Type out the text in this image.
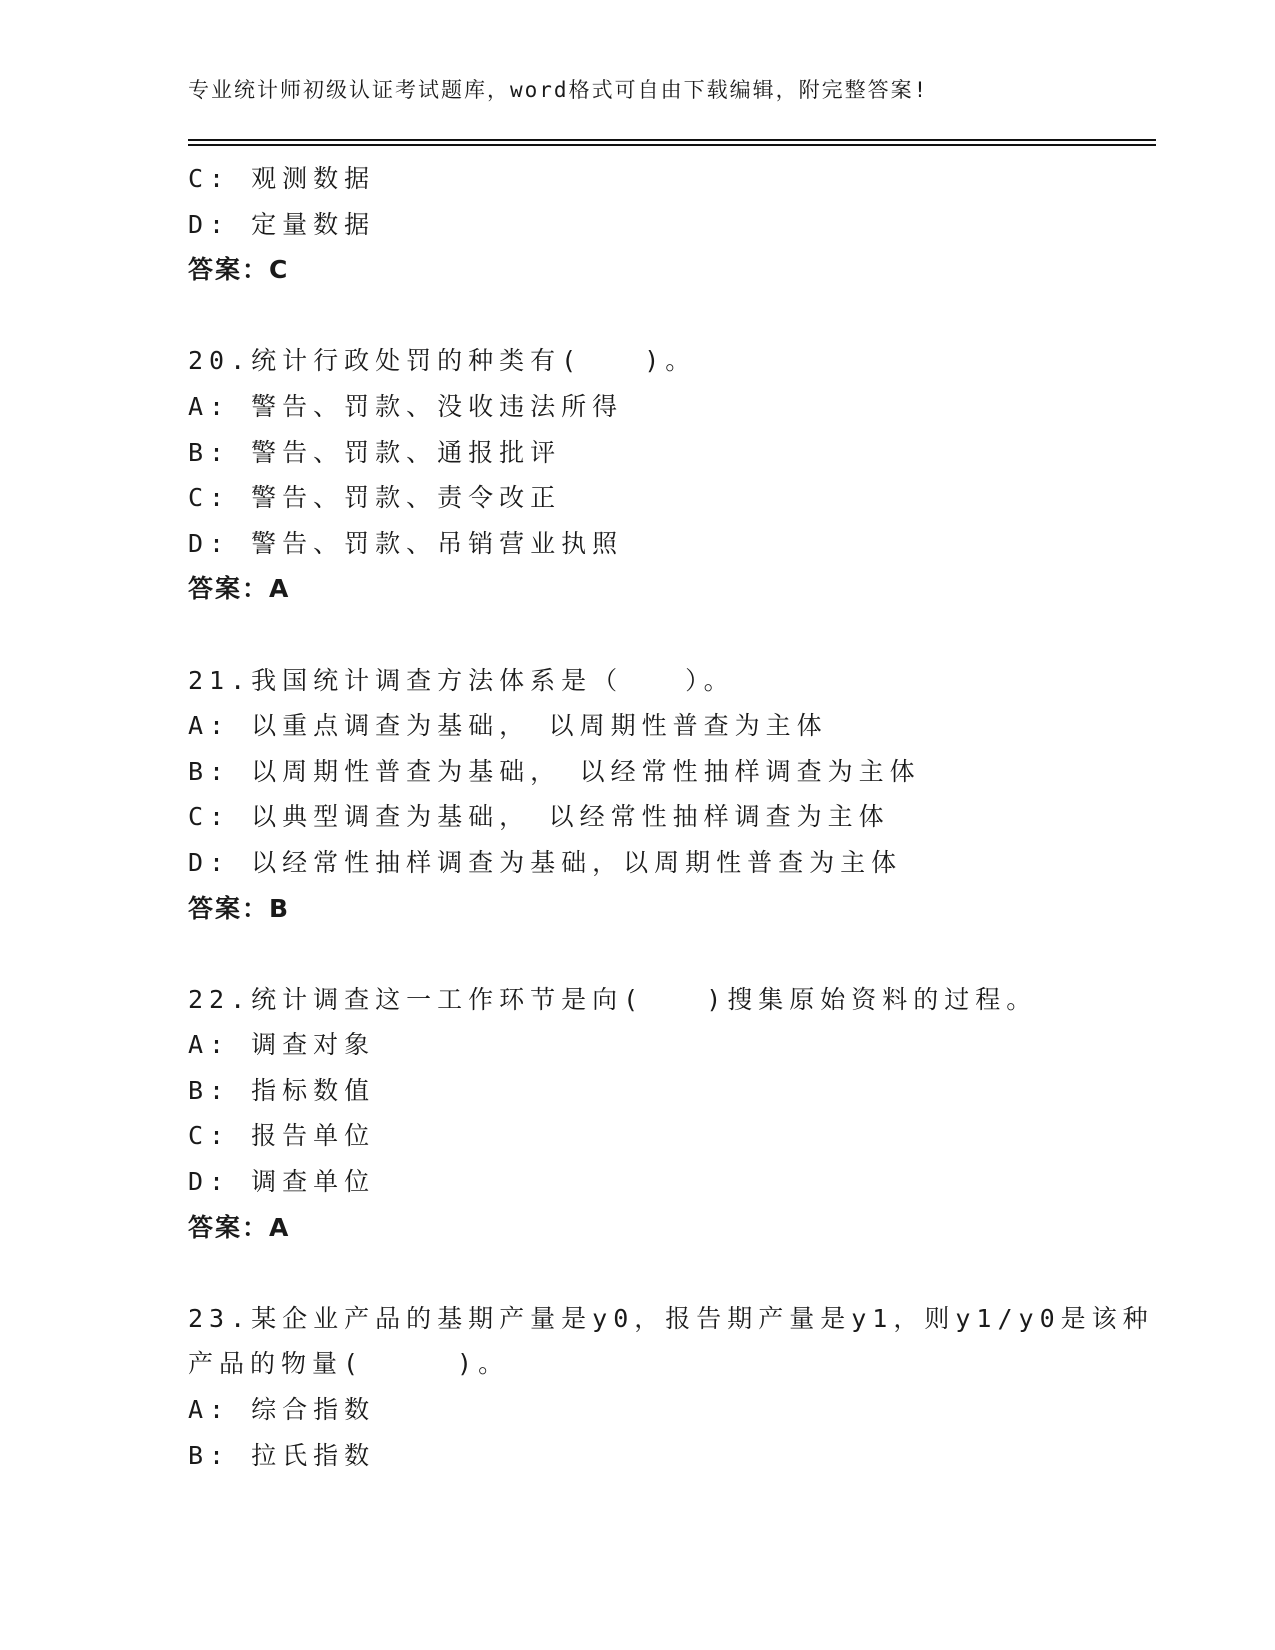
专业统计师初级认证考试题库，word格式可自由下载编辑，附完整答案!
C: 观测数据
D: 定量数据
答案：C
20.统计行政处罚的种类有(　　)。
A: 警告、罚款、没收违法所得
B: 警告、罚款、通报批评
C: 警告、罚款、责令改正
D: 警告、罚款、吊销营业执照
答案：A
21.我国统计调查方法体系是（　　）。
A: 以重点调查为基础，　以周期性普查为主体
B: 以周期性普查为基础，　以经常性抽样调查为主体
C: 以典型调查为基础，　以经常性抽样调查为主体
D: 以经常性抽样调查为基础，以周期性普查为主体
答案：B
22.统计调查这一工作环节是向(　　)搜集原始资料的过程。
A: 调查对象
B: 指标数值
C: 报告单位
D: 调查单位
答案：A
23.某企业产品的基期产量是y0，报告期产量是y1，则y1/y0是该种
产品的物量(　　　)。
A: 综合指数
B: 拉氏指数
